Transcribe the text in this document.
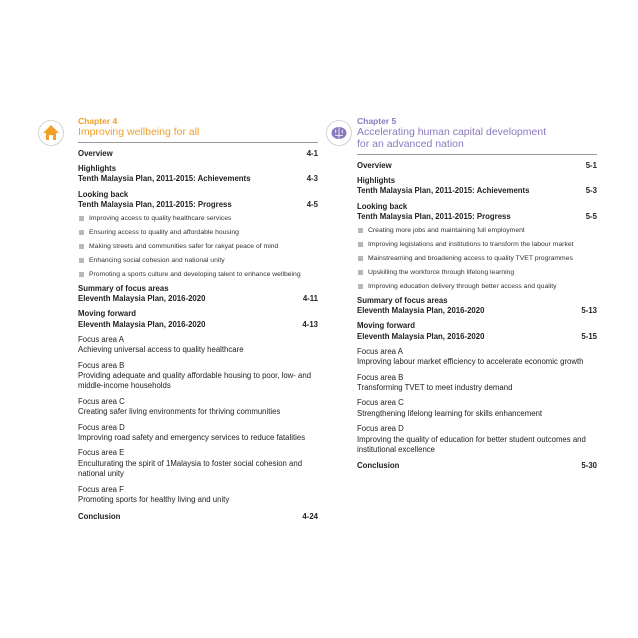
Chapter 4
Improving wellbeing for all
Overview	4-1
Highlights
Tenth Malaysia Plan, 2011-2015: Achievements	4-3
Looking back
Tenth Malaysia Plan, 2011-2015: Progress	4-5
Improving access to quality healthcare services
Ensuring access to quality and affordable housing
Making streets and communities safer for rakyat peace of mind
Enhancing social cohesion and national unity
Promoting a sports culture and developing talent to enhance wellbeing
Summary of focus areas
Eleventh Malaysia Plan, 2016-2020	4-11
Moving forward
Eleventh Malaysia Plan, 2016-2020	4-13
Focus area A
Achieving universal access to quality healthcare
Focus area B
Providing adequate and quality affordable housing to poor, low- and middle-income households
Focus area C
Creating safer living environments for thriving communities
Focus area D
Improving road safety and emergency services to reduce fatalities
Focus area E
Enculturating the spirit of 1Malaysia to foster social cohesion and national unity
Focus area F
Promoting sports for healthy living and unity
Conclusion	4-24
Chapter 5
Accelerating human capital development for an advanced nation
Overview	5-1
Highlights
Tenth Malaysia Plan, 2011-2015: Achievements	5-3
Looking back
Tenth Malaysia Plan, 2011-2015: Progress	5-5
Creating more jobs and maintaining full employment
Improving legislations and institutions to transform the labour market
Mainstreaming and broadening access to quality TVET programmes
Upskilling the workforce through lifelong learning
Improving education delivery through better access and quality
Summary of focus areas
Eleventh Malaysia Plan, 2016-2020	5-13
Moving forward
Eleventh Malaysia Plan, 2016-2020	5-15
Focus area A
Improving labour market efficiency to accelerate economic growth
Focus area B
Transforming TVET to meet industry demand
Focus area C
Strengthening lifelong learning for skills enhancement
Focus area D
Improving the quality of education for better student outcomes and institutional excellence
Conclusion	5-30
